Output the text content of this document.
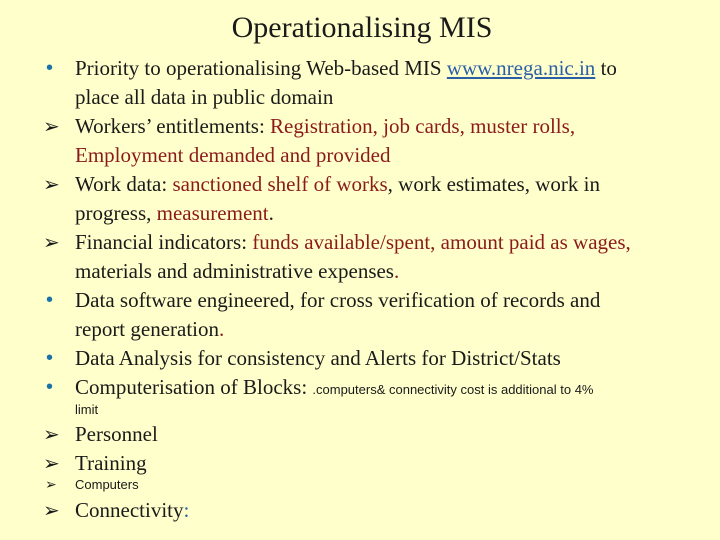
Operationalising MIS
•	Priority to operationalising Web-based MIS www.nrega.nic.in to
place all data in public domain
➢ Workers’ entitlements: Registration, job cards, muster rolls,
Employment demanded and provided
➢ Work data: sanctioned shelf of works, work estimates, work in
progress, measurement.
➢ Financial indicators: funds available/spent, amount paid as wages,
materials and administrative expenses.
•	Data software engineered, for cross verification of records and
report generation.
•	Data Analysis for consistency and Alerts for District/Stats
•	Computerisation of Blocks: .computers& connectivity cost is additional to 4%
limit
➢ Personnel
➢ Training
➢	Computers
➢ Connectivity:
